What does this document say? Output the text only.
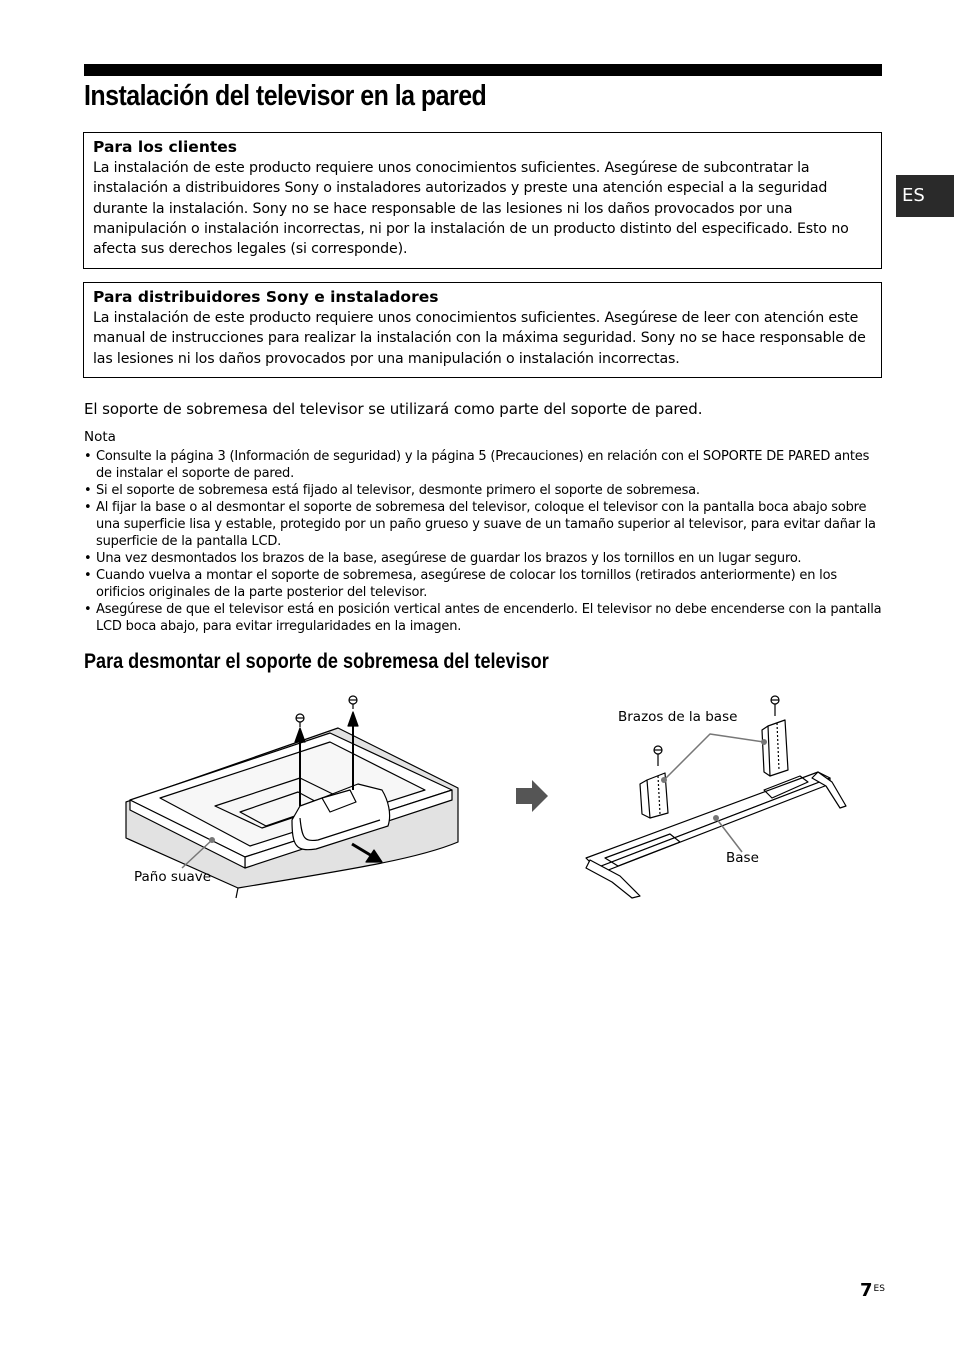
Instalación del televisor en la pared
ES
Para los clientes

La instalación de este producto requiere unos conocimientos suficientes. Asegúrese de subcontratar la instalación a distribuidores Sony o instaladores autorizados y preste una atención especial a la seguridad durante la instalación. Sony no se hace responsable de las lesiones ni los daños provocados por una manipulación o instalación incorrectas, ni por la instalación de un producto distinto del especificado. Esto no afecta sus derechos legales (si corresponde).

Para distribuidores Sony e instaladores

La instalación de este producto requiere unos conocimientos suficientes. Asegúrese de leer con atención este manual de instrucciones para realizar la instalación con la máxima seguridad. Sony no se hace responsable de las lesiones ni los daños provocados por una manipulación o instalación incorrectas.

El soporte de sobremesa del televisor se utilizará como parte del soporte de pared.

Nota

• Consulte la página 3 (Información de seguridad) y la página 5 (Precauciones) en relación con el SOPORTE DE PARED antes de instalar el soporte de pared.
• Si el soporte de sobremesa está fijado al televisor, desmonte primero el soporte de sobremesa.
• Al fijar la base o al desmontar el soporte de sobremesa del televisor, coloque el televisor con la pantalla boca abajo sobre una superficie lisa y estable, protegido por un paño grueso y suave de un tamaño superior al televisor, para evitar dañar la superficie de la pantalla LCD.
• Una vez desmontados los brazos de la base, asegúrese de guardar los brazos y los tornillos en un lugar seguro.
• Cuando vuelva a montar el soporte de sobremesa, asegúrese de colocar los tornillos (retirados anteriormente) en los orificios originales de la parte posterior del televisor.
• Asegúrese de que el televisor está en posición vertical antes de encenderlo. El televisor no debe encenderse con la pantalla LCD boca abajo, para evitar irregularidades en la imagen.
Para desmontar el soporte de sobremesa del televisor
Paño suave
Brazos de la base
Base
$7^{ES}$
